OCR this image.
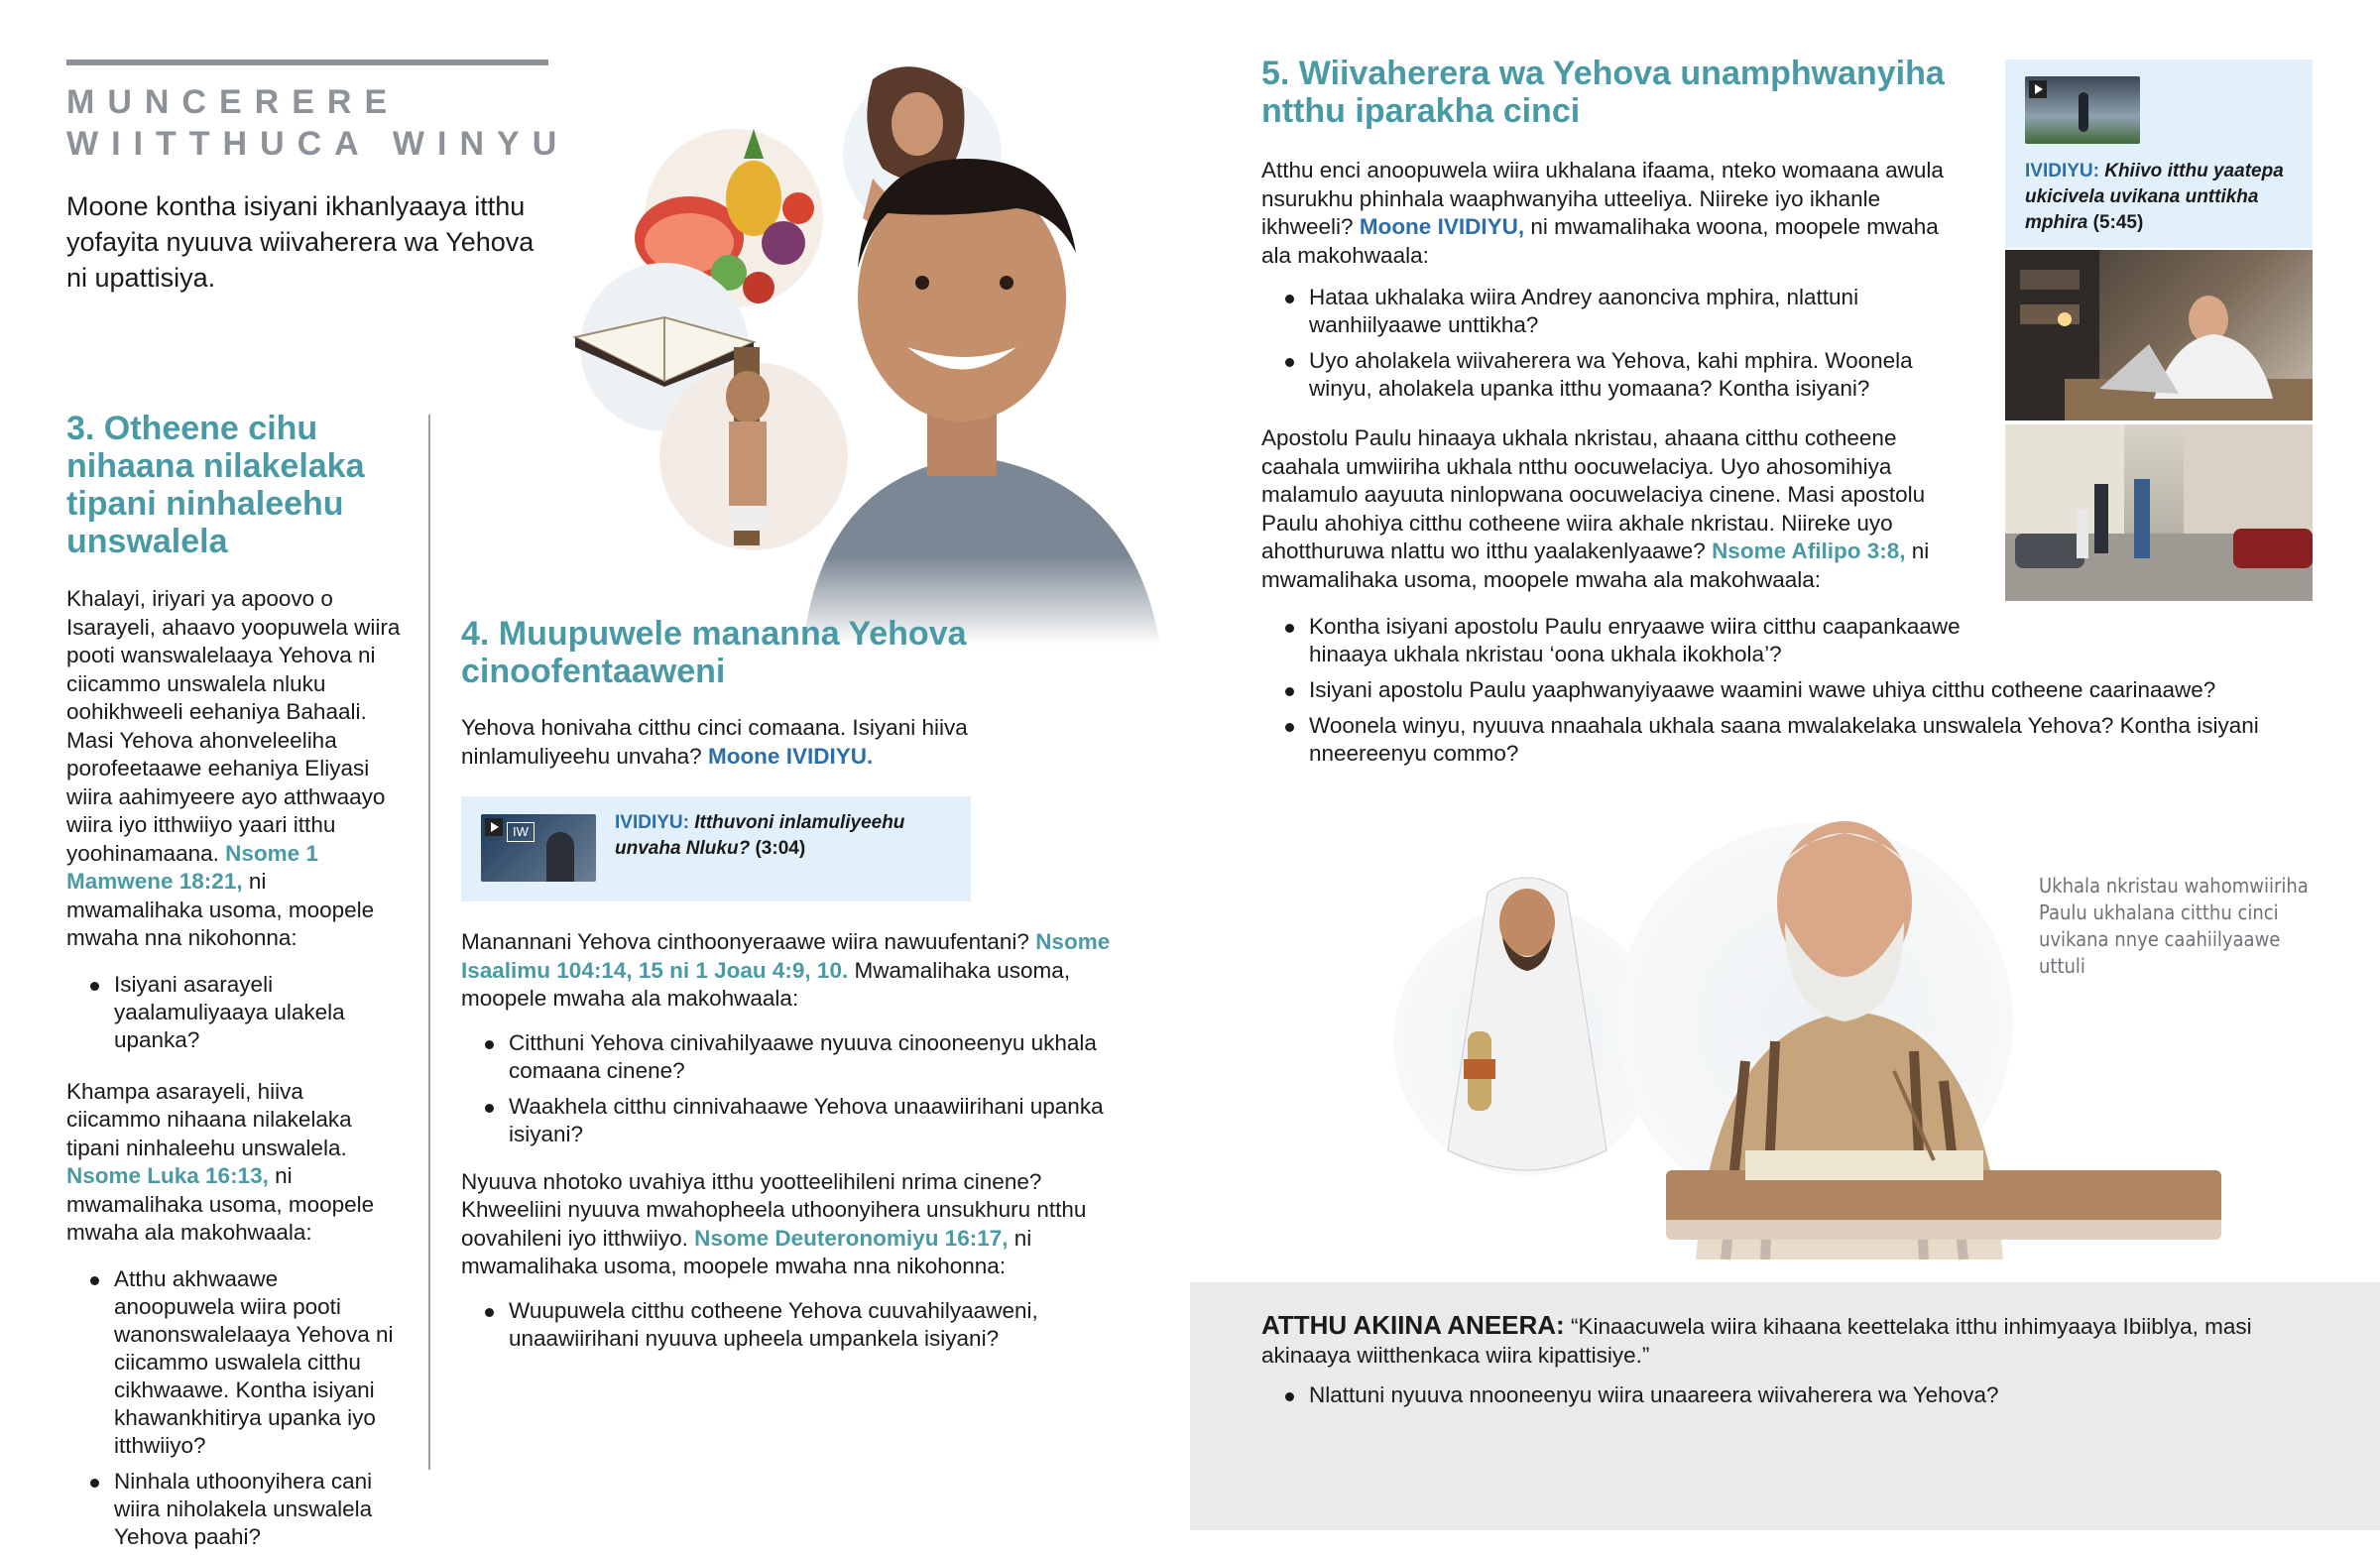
MUNCERERE
WIITTHUCA WINYU

Moone kontha isiyani ikhanlyaaya itthu yofayita nyuuva wiivaherera wa Yehova ni upattisiya.

3. Otheene cihu nihaana nilakelaka tipani ninhaleehu unswalela

Khalayi, iriyari ya apoovo o Isarayeli, ahaavo yoopuwela wiira pooti wanswalelaaya Yehova ni ciicammo unswalela nluku oohikhweeli eehaniya Bahaali. Masi Yehova ahonveleeliha porofeetaawe eehaniya Eliyasi wiira aahimyeere ayo atthwaayo wiira iyo itthwiiyo yaari itthu yoohinamaana. Nsome 1 Mamwene 18:21, ni mwamalihaka usoma, moopele mwaha nna nikohonna:

Isiyani asarayeli yaalamuliyaaya ulakela upanka?

Khampa asarayeli, hiiva ciicammo nihaana nilakelaka tipani ninhaleehu unswalela. Nsome Luka 16:13, ni mwamalihaka usoma, moopele mwaha ala makohwaala:

Atthu akhwaawe anoopuwela wiira pooti wanonswalelaaya Yehova ni ciicammo uswalela citthu cikhwaawe. Kontha isiyani khawankhitirya upanka iyo itthwiiyo?
Ninhala uthoonyihera cani wiira niholakela unswalela Yehova paahi?
4. Muupuwele mananna Yehova cinoofentaaweni

Yehova honivaha citthu cinci comaana. Isiyani hiiva ninlamuliyeehu unvaha? Moone IVIDIYU.

IW	IVIDIYU: Itthuvoni inlamuliyeehu unvaha Nluku? (3:04)

Manannani Yehova cinthoonyeraawe wiira nawuufentani? Nsome Isaalimu 104:14, 15 ni 1 Joau 4:9, 10. Mwamalihaka usoma, moopele mwaha ala makohwaala:

Citthuni Yehova cinivahilyaawe nyuuva cinooneenyu ukhala comaana cinene?
Waakhela citthu cinnivahaawe Yehova unaawiirihani upanka isiyani?

Nyuuva nhotoko uvahiya itthu yootteelihileni nrima cinene? Khweeliini nyuuva mwahopheela uthoonyihera unsukhuru ntthu oovahileni iyo itthwiiyo. Nsome Deuteronomiyu 16:17, ni mwamalihaka usoma, moopele mwaha nna nikohonna:

Wuupuwela citthu cotheene Yehova cuuvahilyaaweni, unaawiirihani nyuuva upheela umpankela isiyani?
5. Wiivaherera wa Yehova unamphwanyiha ntthu iparakha cinci

Atthu enci anoopuwela wiira ukhalana ifaama, nteko womaana awula nsurukhu phinhala waaphwanyiha utteeliya. Niireke iyo ikhanle ikhweeli? Moone IVIDIYU, ni mwamalihaka woona, moopele mwaha ala makohwaala:

Hataa ukhalaka wiira Andrey aanonciva mphira, nlattuni wanhiilyaawe unttikha?
Uyo aholakela wiivaherera wa Yehova, kahi mphira. Woonela winyu, aholakela upanka itthu yomaana? Kontha isiyani?

Apostolu Paulu hinaaya ukhala nkristau, ahaana citthu cotheene caahala umwiiriha ukhala ntthu oocuwelaciya. Uyo ahosomihiya malamulo aayuuta ninlopwana oocuwelaciya cinene. Masi apostolu Paulu ahohiya citthu cotheene wiira akhale nkristau. Niireke uyo ahotthuruwa nlattu wo itthu yaalakenlyaawe? Nsome Afilipo 3:8, ni mwamalihaka usoma, moopele mwaha ala makohwaala:

Kontha isiyani apostolu Paulu enryaawe wiira citthu caapankaawe hinaaya ukhala nkristau ‘oona ukhala ikokhola’?
Isiyani apostolu Paulu yaaphwanyiyaawe waamini wawe uhiya citthu cotheene caarinaawe?
Woonela winyu, nyuuva nnaahala ukhala saana mwalakelaka unswalela Yehova? Kontha isiyani nneereenyu commo?
IVIDIYU: Khiivo itthu yaatepa ukicivela uvikana unttikha mphira (5:45)

Ukhala nkristau wahomwiiriha Paulu ukhalana citthu cinci uvikana nnye caahiilyaawe uttuli

ATTHU AKIINA ANEERA: “Kinaacuwela wiira kihaana keettelaka itthu inhimyaaya Ibiiblya, masi akinaaya wiitthenkaca wiira kipattisiye.”

Nlattuni nyuuva nnooneenyu wiira unaareera wiivaherera wa Yehova?
